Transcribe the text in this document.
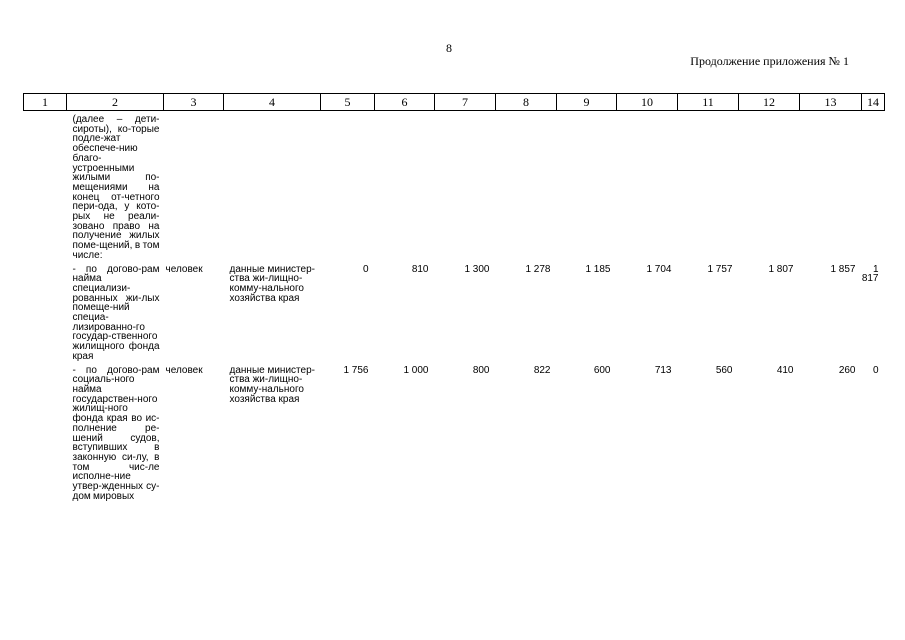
8
Продолжение приложения № 1
1	2	3	4	5	6	7	8	9	10	11	12	13	14
	(далее – дети-сироты), ко-торые подле-жат обеспече-нию благо-устроенными жилыми по-мещениями на конец от-четного пери-ода, у кото-рых не реали-зовано право на получение жилых поме-щений, в том числе:												
	- по догово-рам найма специализи-рованных жи-лых помеще-ний специа-лизированно-го государ-ственного жилищного фонда края	человек	данные министер-ства жи-лищно-комму-нального хозяйства края	0	810	1 300	1 278	1 185	1 704	1 757	1 807	1 857	1 817
	- по догово-рам социаль-ного найма государствен-ного жилищ-ного фонда края во ис-полнение ре-шений судов, вступивших в законную си-лу, в том чис-ле исполне-ние утвер-жденных су-дом мировых	человек	данные министер-ства жи-лищно-комму-нального хозяйства края	1 756	1 000	800	822	600	713	560	410	260	0
